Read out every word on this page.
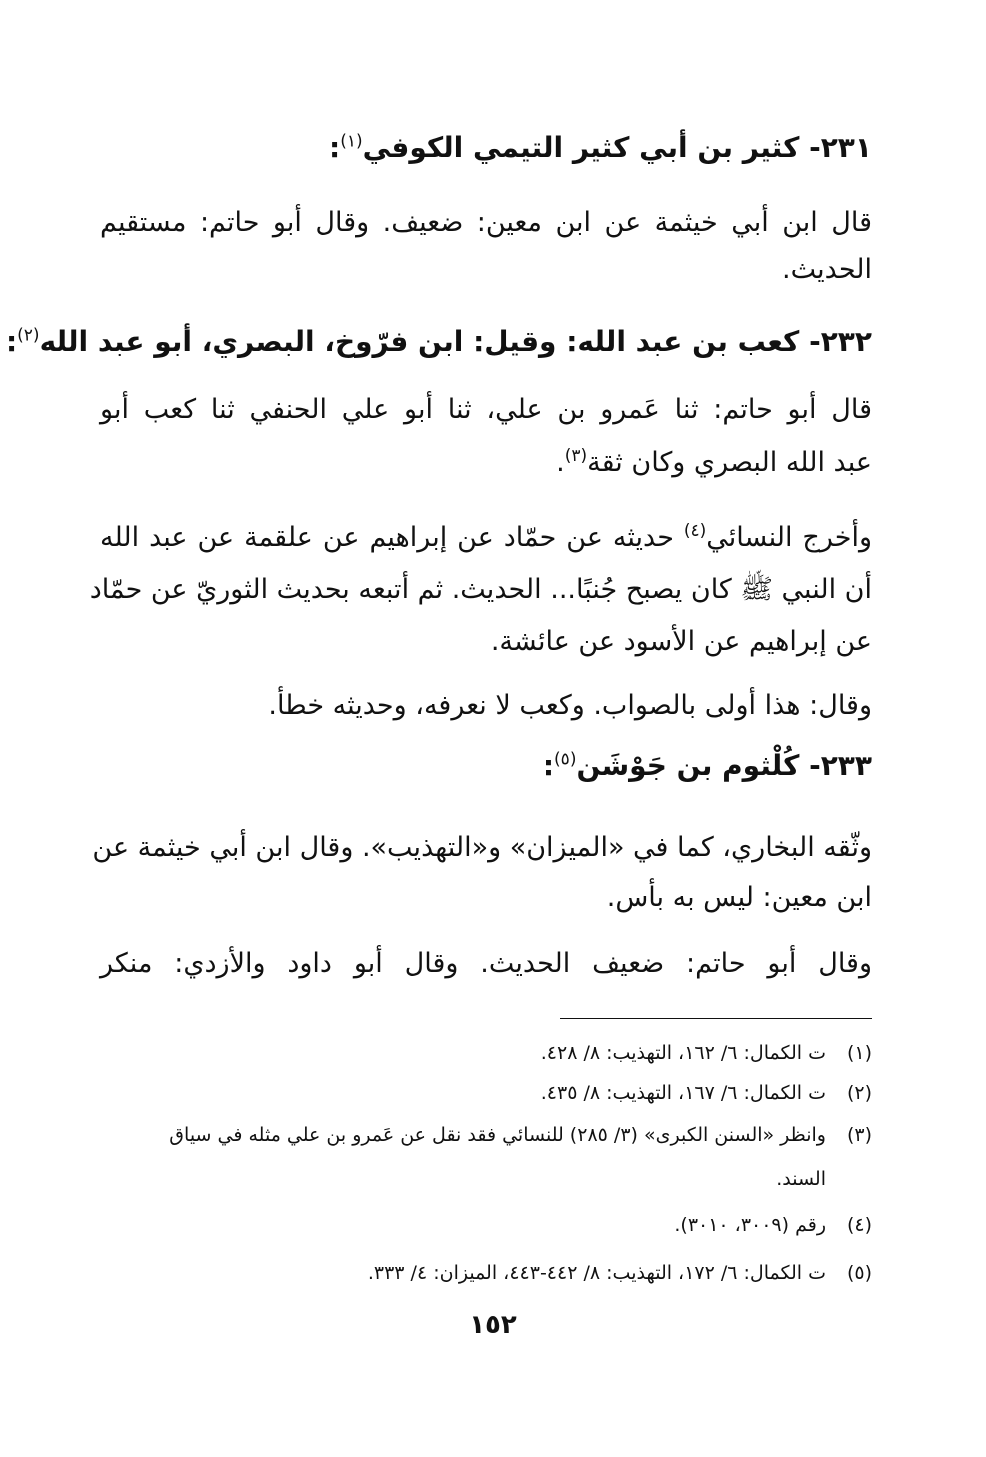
٢٣١- كثير بن أبي كثير التيمي الكوفي$^{(١)}$:
قال ابن أبي خيثمة عن ابن معين: ضعيف. وقال أبو حاتم: مستقيم
الحديث.
٢٣٢- كعب بن عبد الله: وقيل: ابن فرّوخ، البصري، أبو عبد الله$^{(٢)}$:
قال أبو حاتم: ثنا عَمرو بن علي، ثنا أبو علي الحنفي ثنا كعب أبو
عبد الله البصري وكان ثقة$^{(٣)}$.
وأخرج النسائي$^{(٤)}$ حديثه عن حمّاد عن إبراهيم عن علقمة عن عبد الله
أن النبي ﷺ كان يصبح جُنبًا... الحديث. ثم أتبعه بحديث الثوريّ عن حمّاد
عن إبراهيم عن الأسود عن عائشة.
وقال: هذا أولى بالصواب. وكعب لا نعرفه، وحديثه خطأ.
٢٣٣- كُلْثوم بن جَوْشَن$^{(٥)}$:
وثّقه البخاري، كما في «الميزان» و«التهذيب». وقال ابن أبي خيثمة عن
ابن معين: ليس به بأس.
وقال أبو حاتم: ضعيف الحديث. وقال أبو داود والأزدي: منكر
(١)ت الكمال: ٦/ ١٦٢، التهذيب: ٨/ ٤٢٨.
(٢)ت الكمال: ٦/ ١٦٧، التهذيب: ٨/ ٤٣٥.
(٣)وانظر «السنن الكبرى» (٣/ ٢٨٥) للنسائي فقد نقل عن عَمرو بن علي مثله في سياق
السند.
(٤)رقم (٣٠٠٩، ٣٠١٠).
(٥)ت الكمال: ٦/ ١٧٢، التهذيب: ٨/ ٤٤٢-٤٤٣، الميزان: ٤/ ٣٣٣.
١٥٢
